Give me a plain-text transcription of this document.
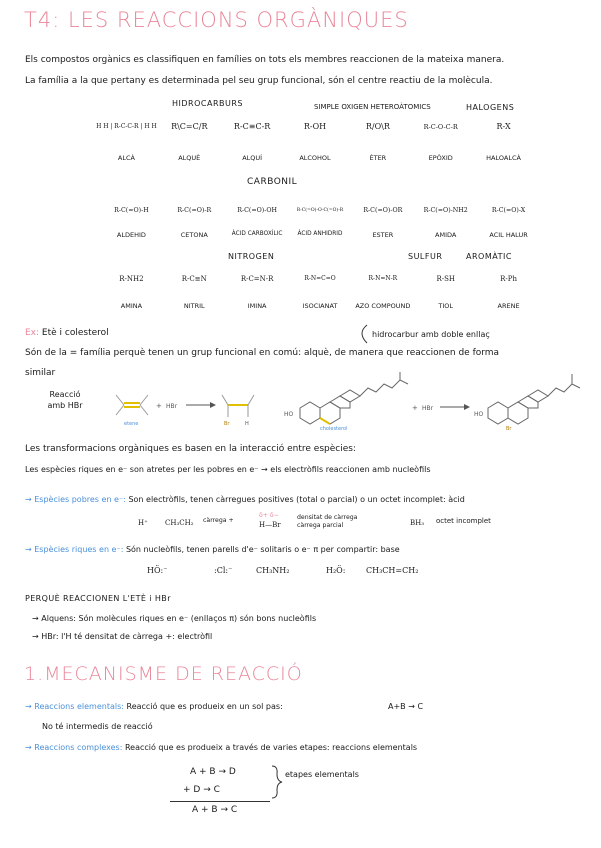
T4: LES REACCIONS ORGÀNIQUES
Els compostos orgànics es classifiquen en famílies on tots els membres reaccionen de la mateixa manera.
La família a la que pertany es determinada pel seu grup funcional, són el centre reactiu de la molècula.
HIDROCARBURS	SIMPLE OXIGEN HETEROÀTOMICS	HALOGENS
H H | R-C-C-R | H H	R\C=C/R	R-C≡C-R	R-OH	R/O\R	R-C-O-C-R	R-X
ALCÀ	ALQUÈ	ALQUÍ	ALCOHOL	ÈTER	EPÒXID	HALOALCÀ
CARBONIL
R-C(=O)-H	R-C(=O)-R	R-C(=O)-OH	R-C(=O)-O-C(=O)-R	R-C(=O)-OR	R-C(=O)-NH2	R-C(=O)-X
ALDEHID	CETONA	ÀCID CARBOXÍLIC	ÀCID ANHIDRID	ESTER	AMIDA	ACIL HALUR
NITROGEN	SULFUR	AROMÀTIC
R-NH2	R-C≡N	R-C=N-R	R-N=C=O	R-N=N-R	R-SH	R-Ph
AMINA	NITRIL	IMINA	ISOCIANAT	AZO COMPOUND	TIOL	ARENE
Ex: Etè i colesterol	hidrocarbur amb doble enllaç
Són de la = família perquè tenen un grup funcional en comú: alquè, de manera que reaccionen de forma
similar
Reacció amb HBr
etene
+ HBr
Br	H
HO
cholesterol
+ HBr
HO
Br
Les transformacions orgàniques es basen en la interacció entre espècies:
Les espècies riques en e⁻ son atretes per les pobres en e⁻ → els electròfils reaccionen amb nucleòfils
→ Espècies pobres en e⁻: Son electròfils, tenen càrregues positives (total o parcial) o un octet incomplet: àcid
H⁺ CH₃CH₂ càrrega +
δ+ δ−
H—Br
densitat de càrrega càrrega parcial	BH₃ octet incomplet
→ Espècies riques en e⁻: Són nucleòfils, tenen parells d'e⁻ solitaris o e⁻ π per compartir: base
HÖ:⁻	:Cl:⁻	CH₃NH₂	H₂Ö:	CH₃CH=CH₂
PERQUÈ REACCIONEN L'ETÈ i HBr
→ Alquens: Són molècules riques en e⁻ (enllaços π) són bons nucleòfils
→ HBr: l'H té densitat de càrrega +: electròfil
1.MECANISME DE REACCIÓ
→ Reaccions elementals: Reacció que es produeix en un sol pas:	A+B → C
No té intermedis de reacció
→ Reaccions complexes: Reacció que es produeix a través de varies etapes: reaccions elementals
A + B → D
+ D → C
A + B → C
etapes elementals
